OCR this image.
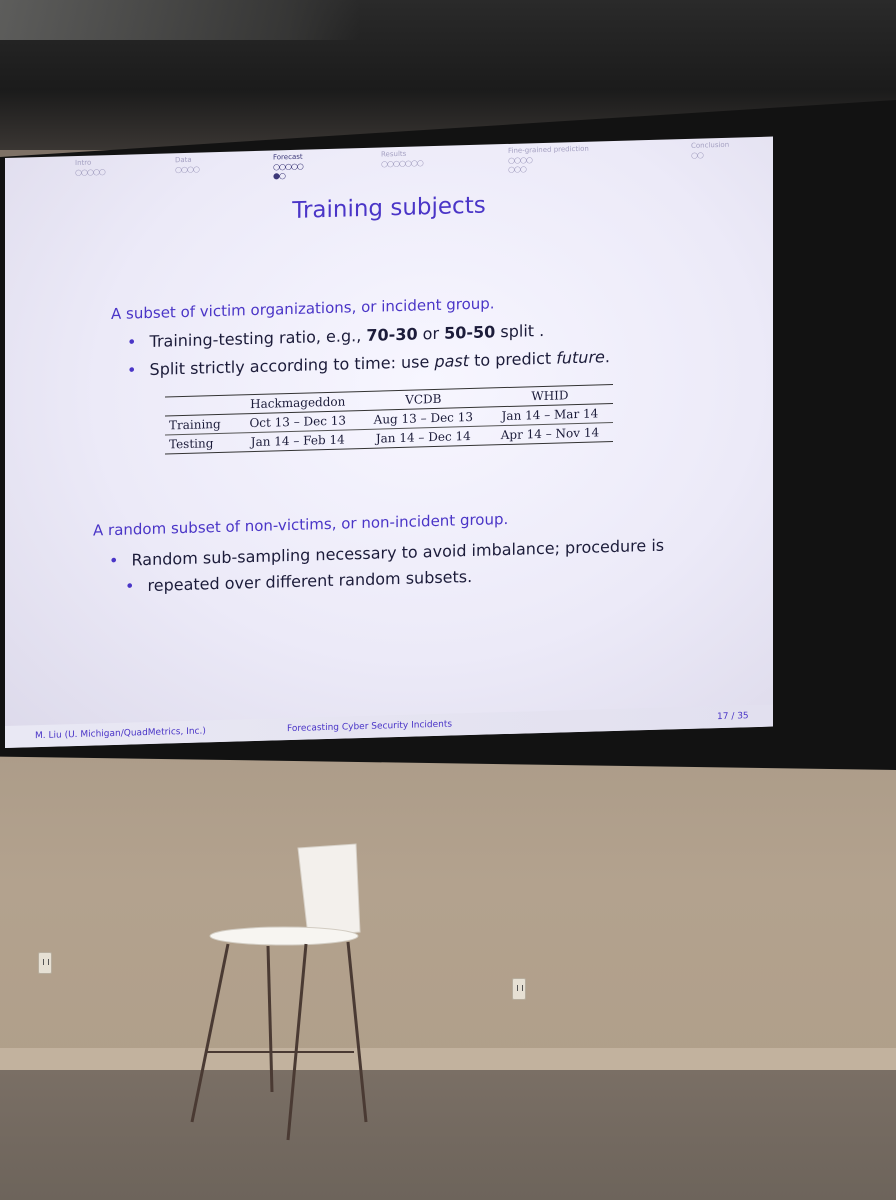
Intro
○○○○○
Data
○○○○
Forecast
○○○○○
●○
Results
○○○○○○○
Fine-grained prediction
○○○○
○○○
Conclusion
○○
Training subjects
A subset of victim organizations, or incident group.
• Training-testing ratio, e.g., 70-30 or 50-50 split .
• Split strictly according to time: use past to predict future.
	Hackmageddon	VCDB	WHID
Training	Oct 13 – Dec 13	Aug 13 – Dec 13	Jan 14 – Mar 14
Testing	Jan 14 – Feb 14	Jan 14 – Dec 14	Apr 14 – Nov 14
A random subset of non-victims, or non-incident group.
• Random sub-sampling necessary to avoid imbalance; procedure is
• repeated over different random subsets.
M. Liu (U. Michigan/QuadMetrics, Inc.)	Forecasting Cyber Security Incidents
17 / 35
